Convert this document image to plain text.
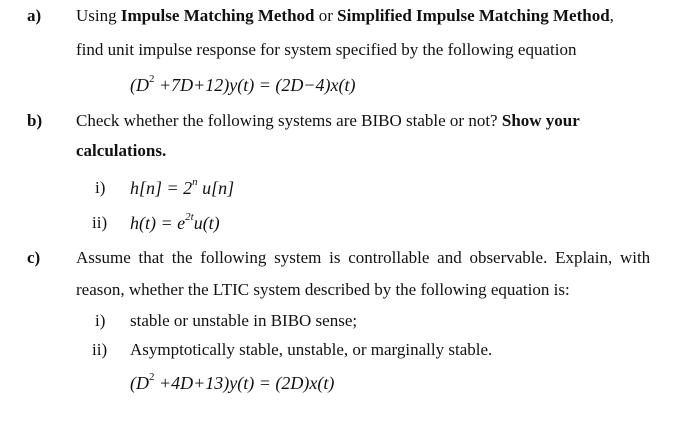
a) Using Impulse Matching Method or Simplified Impulse Matching Method,
find unit impulse response for system specified by the following equation
$(D^2 +7D+12)y(t) = (2D-4)x(t)$
b) Check whether the following systems are BIBO stable or not? Show your
calculations.
i) $h[n] = 2^n$ u[n]
ii) $h(t) = e^{2t}u(t)$
c) Assume that the following system is controllable and observable. Explain, with
reason, whether the LTIC system described by the following equation is:
i) stable or unstable in BIBO sense;
ii) Asymptotically stable, unstable, or marginally stable.
$(D^2 +4D+13)y(t) = (2D)x(t)$
